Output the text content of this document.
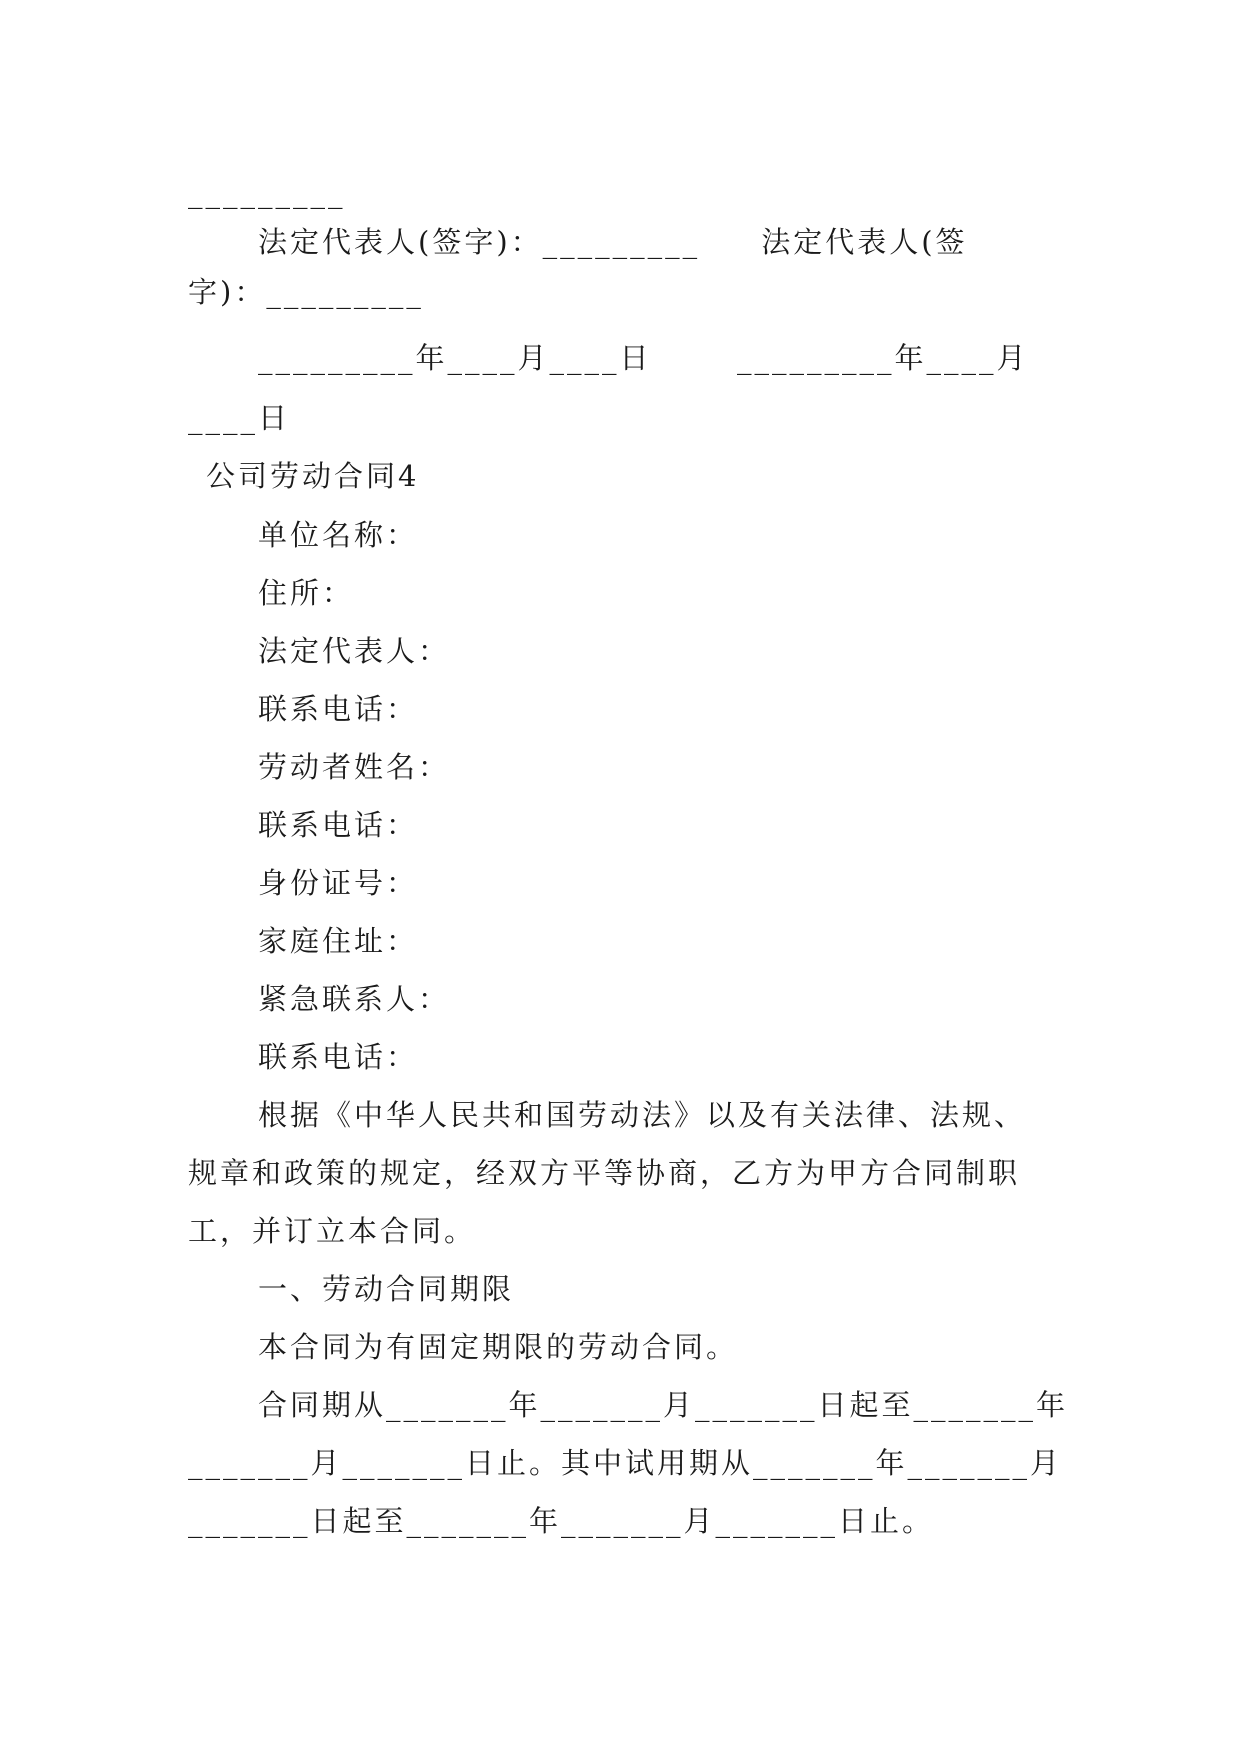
_________
法定代表人(签字)：_________     法定代表人(签
字)：_________
_________年____月____日       _________年____月
____日
公司劳动合同4
单位名称：
住所：
法定代表人：
联系电话：
劳动者姓名：
联系电话：
身份证号：
家庭住址：
紧急联系人：
联系电话：
根据《中华人民共和国劳动法》以及有关法律、法规、
规章和政策的规定，经双方平等协商，乙方为甲方合同制职
工，并订立本合同。
一、劳动合同期限
本合同为有固定期限的劳动合同。
合同期从_______年_______月_______日起至_______年
_______月_______日止。其中试用期从_______年_______月
_______日起至_______年_______月_______日止。
